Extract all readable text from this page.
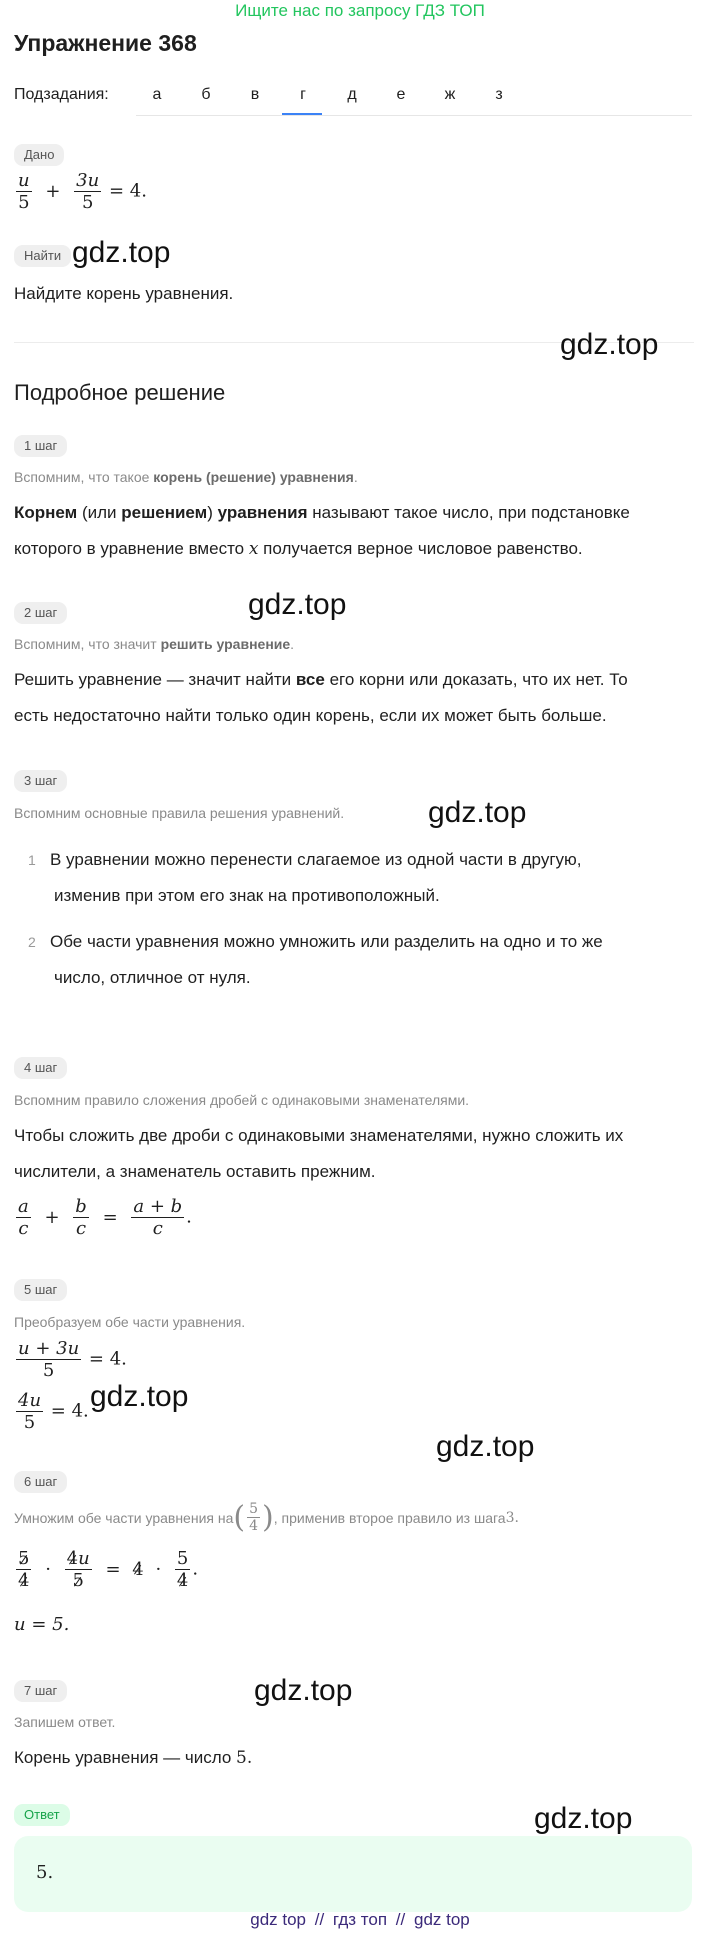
Ищите нас по запросу ГДЗ ТОП
Упражнение 368
Подзадания:	а	б	в	г	д	е	ж	з
Дано
$\frac{u}{5} + \frac{3u}{5} = 4$.
Найти gdz.top
Найдите корень уравнения.
gdz.top
Подробное решение
1 шаг
Вспомним, что такое корень (решение) уравнения.
Корнем (или решением) уравнения называют такое число, при подстановке
которого в уравнение вместо x получается верное числовое равенство.
2 шаг	gdz.top
Вспомним, что значит решить уравнение.
Решить уравнение — значит найти все его корни или доказать, что их нет. То
есть недостаточно найти только один корень, если их может быть больше.
3 шаг
Вспомним основные правила решения уравнений.	gdz.top
1 В уравнении можно перенести слагаемое из одной части в другую,
изменив при этом его знак на противоположный.
2 Обе части уравнения можно умножить или разделить на одно и то же
число, отличное от нуля.
4 шаг
Вспомним правило сложения дробей с одинаковыми знаменателями.
Чтобы сложить две дроби с одинаковыми знаменателями, нужно сложить их
числители, а знаменатель оставить прежним.
$\frac{a}{c} + \frac{b}{c} = \frac{a + b}{c}$ .
5 шаг
Преобразуем обе части уравнения.
$\frac{u + 3u}{5} = 4$.
$\frac{4u}{5} = 4$. gdz.top
gdz.top
6 шаг
Умножим обе части уравнения на ( $\frac{5}{4}$ ) , применив второе правило из шага 3.
$\frac{5}{4} \cdot \frac{4u}{5} = 4 \cdot \frac{5}{4}$ .
u = 5.
7 шаг	gdz.top
Запишем ответ.
Корень уравнения — число 5.
Ответ	gdz.top
5.
gdz top // гдз топ // gdz top
